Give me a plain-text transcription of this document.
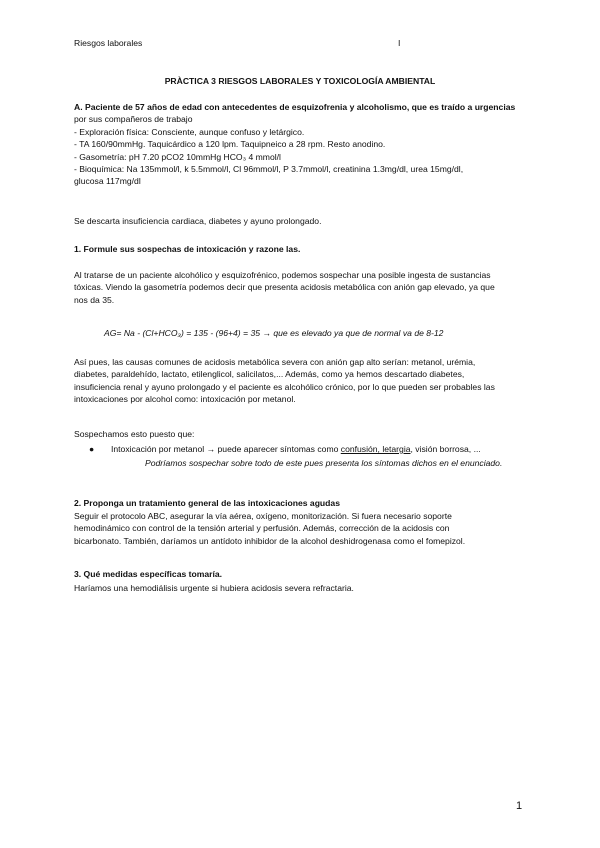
Riesgos laborales	I
PRÀCTICA 3 RIESGOS LABORALES Y TOXICOLOGÍA AMBIENTAL
A. Paciente de 57 años de edad con antecedentes de esquizofrenia y alcoholismo, que es traído a urgencias
por sus compañeros de trabajo
- Exploración física: Consciente, aunque confuso y letárgico.
- TA 160/90mmHg. Taquicárdico a 120 lpm. Taquipneico a 28 rpm. Resto anodino.
- Gasometría: pH 7.20 pCO2 10mmHg HCO₃ 4 mmol/l
- Bioquímica: Na 135mmol/l, k 5.5mmol/l, Cl 96mmol/l, P 3.7mmol/l, creatinina 1.3mg/dl, urea 15mg/dl,
glucosa 117mg/dl
Se descarta insuficiencia cardiaca, diabetes y ayuno prolongado.
1. Formule sus sospechas de intoxicación y razone las.
Al tratarse de un paciente alcohólico y esquizofrénico, podemos sospechar una posible ingesta de sustancias
tóxicas. Viendo la gasometría podemos decir que presenta acidosis metabólica con anión gap elevado, ya que
nos da 35.
AG= Na - (Cl+HCO₃) = 135 - (96+4) = 35 → que es elevado ya que de normal va de 8-12
Así pues, las causas comunes de acidosis metabólica severa con anión gap alto serían: metanol, urémia,
diabetes, paraldehído, lactato, etilenglicol, salicilatos,... Además, como ya hemos descartado diabetes,
insuficiencia renal y ayuno prolongado y el paciente es alcohólico crónico, por lo que pueden ser probables las
intoxicaciones por alcohol como: intoxicación por metanol.
Sospechamos esto puesto que:
● Intoxicación por metanol → puede aparecer síntomas como confusión, letargia, visión borrosa, ...
Podríamos sospechar sobre todo de este pues presenta los síntomas dichos en el enunciado.
2. Proponga un tratamiento general de las intoxicaciones agudas
Seguir el protocolo ABC, asegurar la vía aérea, oxígeno, monitorización. Si fuera necesario soporte
hemodinámico con control de la tensión arterial y perfusión. Además, corrección de la acidosis con
bicarbonato. También, daríamos un antídoto inhibidor de la alcohol deshidrogenasa como el fomepizol.
3. Qué medidas específicas tomaría.
Haríamos una hemodiálisis urgente si hubiera acidosis severa refractaria.
1
